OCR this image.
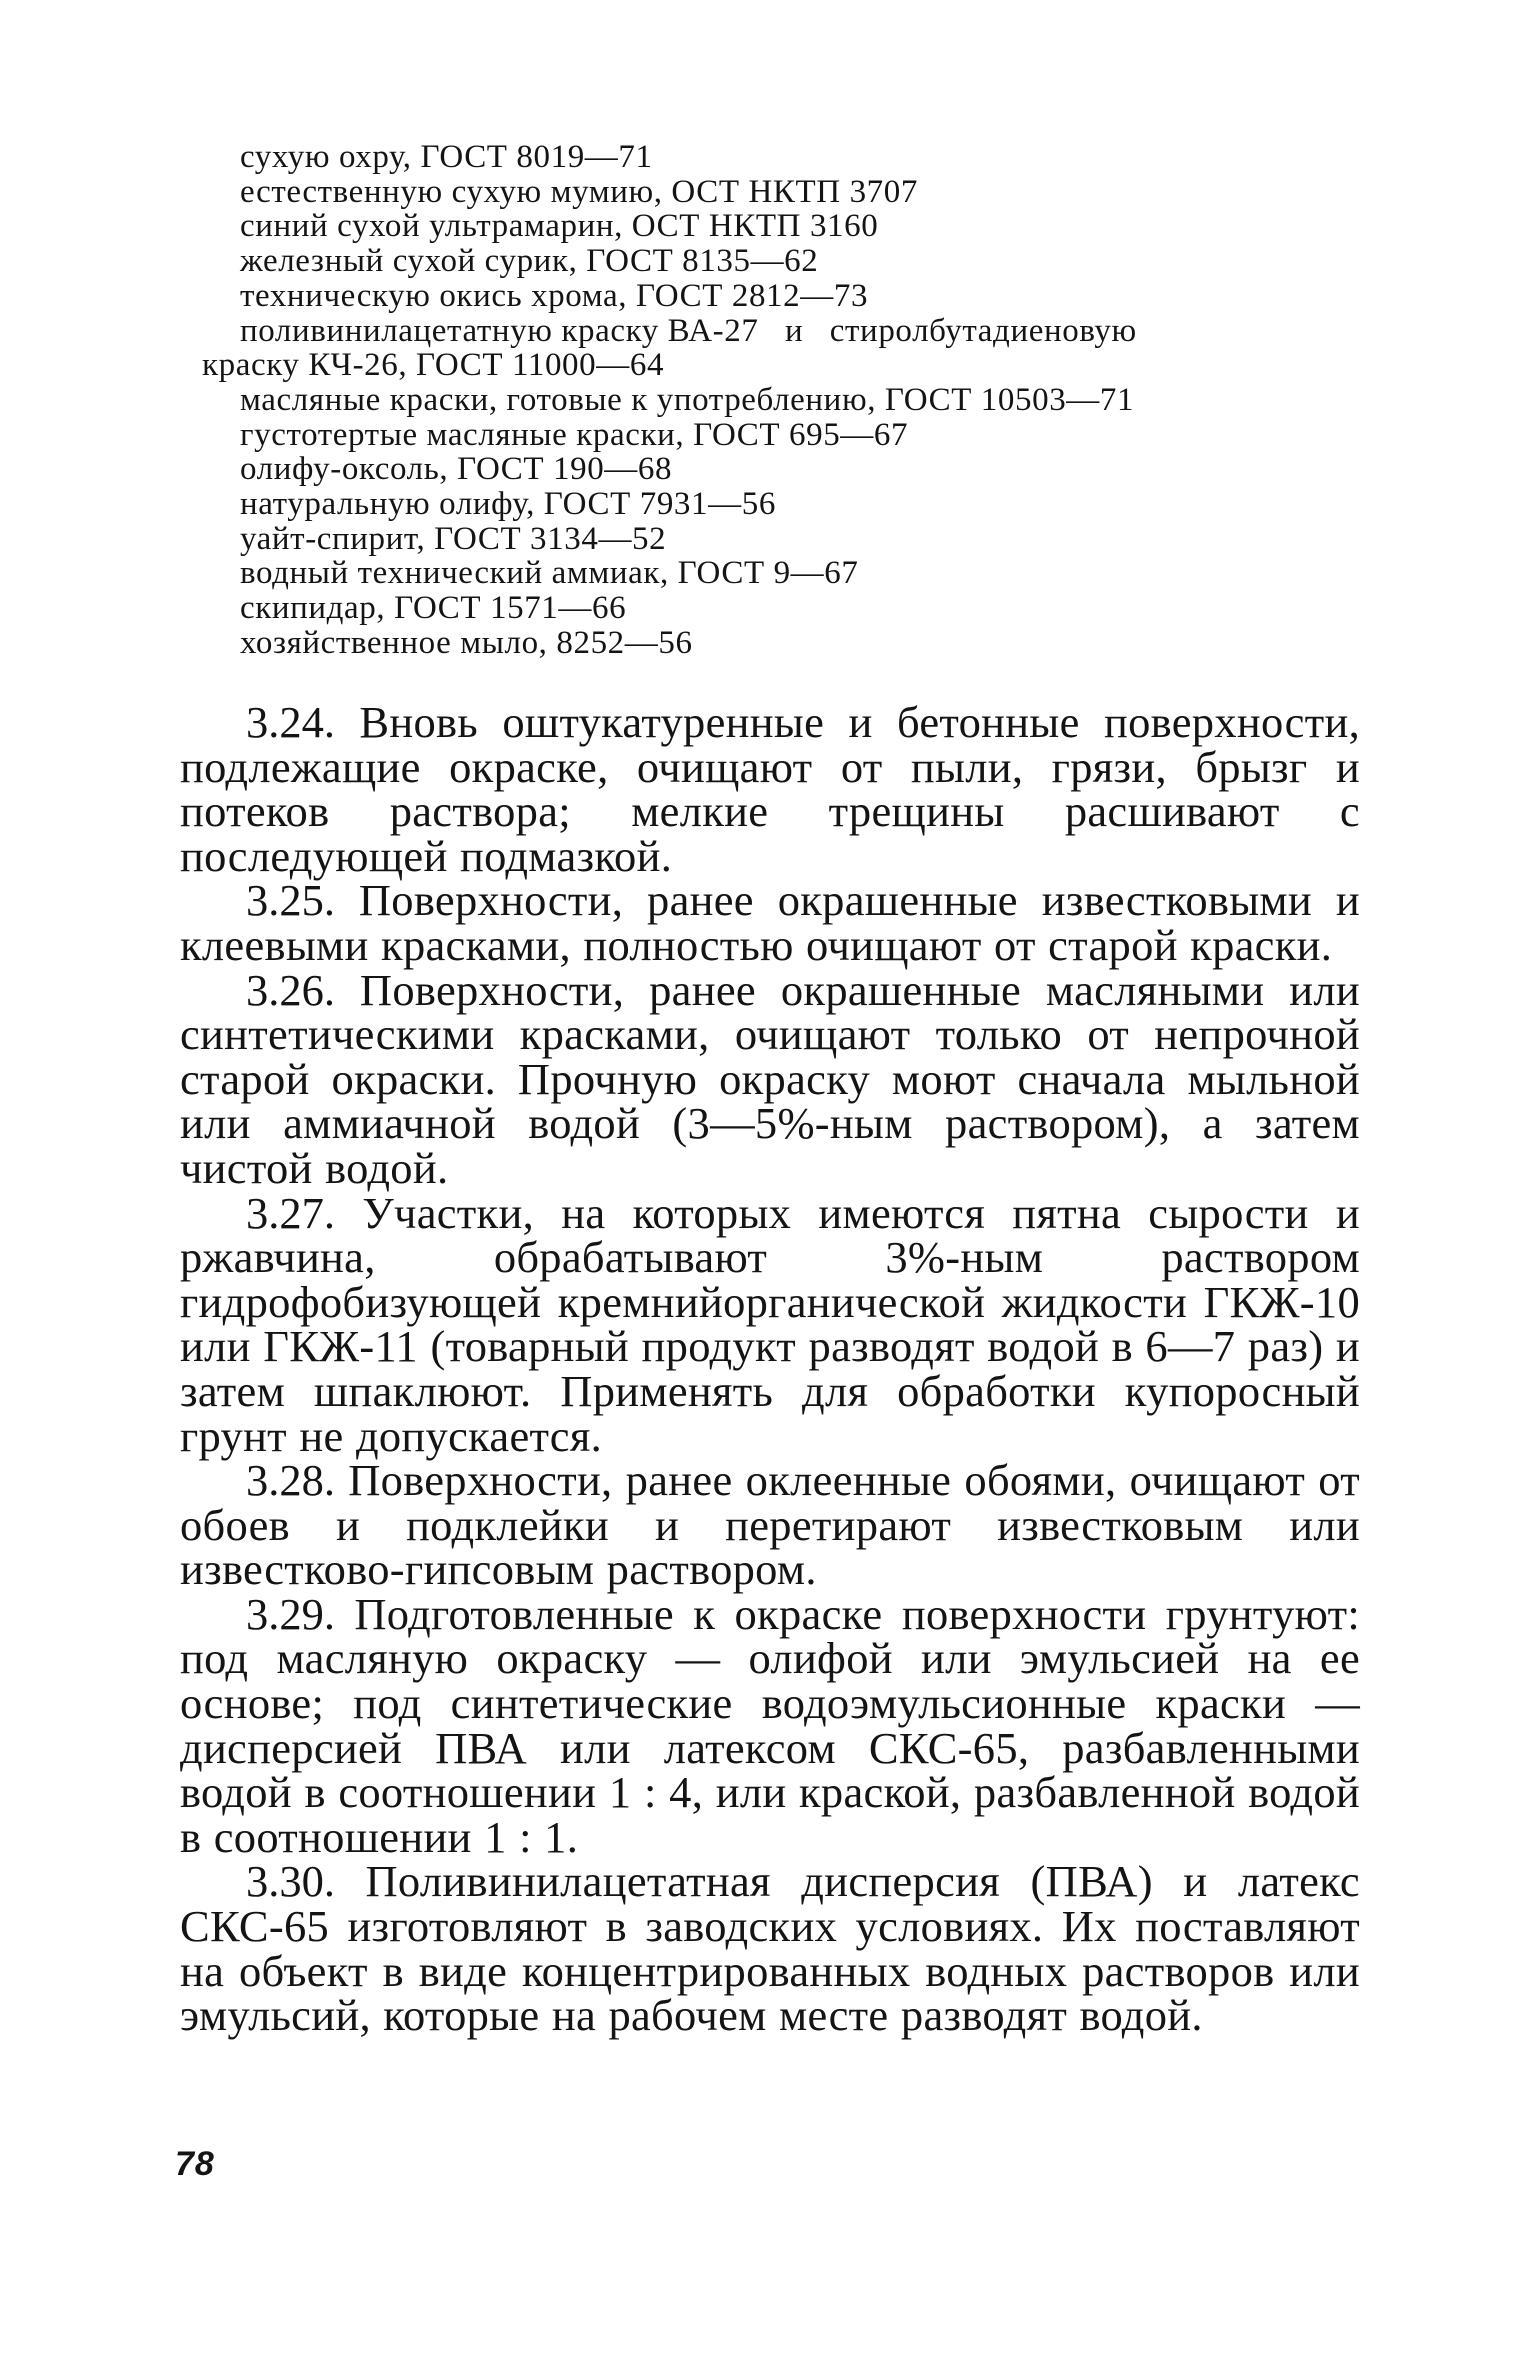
сухую охру, ГОСТ 8019—71
естественную сухую мумию, ОСТ НКТП 3707
синий сухой ультрамарин, ОСТ НКТП 3160
железный сухой сурик, ГОСТ 8135—62
техническую окись хрома, ГОСТ 2812—73
поливинилацетатную краску ВА-27   и   стиролбутадиеновую
краску КЧ-26, ГОСТ 11000—64
масляные краски, готовые к употреблению, ГОСТ 10503—71
густотертые масляные краски, ГОСТ 695—67
олифу-оксоль, ГОСТ 190—68
натуральную олифу, ГОСТ 7931—56
уайт-спирит, ГОСТ 3134—52
водный технический аммиак, ГОСТ 9—67
скипидар, ГОСТ 1571—66
хозяйственное мыло, 8252—56

3.24. Вновь оштукатуренные и бетонные поверхности, подлежащие окраске, очищают от пыли, грязи, брызг и потеков раствора; мелкие трещины расшивают с последующей подмазкой.

3.25. Поверхности, ранее окрашенные известковыми и клеевыми красками, полностью очищают от старой краски.

3.26. Поверхности, ранее окрашенные масляными или синтетическими красками, очищают только от непрочной старой окраски. Прочную окраску моют сначала мыльной или аммиачной водой (3—5%-ным раствором), а затем чистой водой.

3.27. Участки, на которых имеются пятна сырости и ржавчина, обрабатывают 3%-ным раствором гидрофобизующей кремнийорганической жидкости ГКЖ-10 или ГКЖ-11 (товарный продукт разводят водой в 6—7 раз) и затем шпаклюют. Применять для обработки купоросный грунт не допускается.

3.28. Поверхности, ранее оклеенные обоями, очищают от обоев и подклейки и перетирают известковым или известково-гипсовым раствором.

3.29. Подготовленные к окраске поверхности грунтуют: под масляную окраску — олифой или эмульсией на ее основе; под синтетические водоэмульсионные краски — дисперсией ПВА или латексом СКС-65, разбавленными водой в соотношении 1 : 4, или краской, разбавленной водой в соотношении 1 : 1.

3.30. Поливинилацетатная дисперсия (ПВА) и латекс СКС-65 изготовляют в заводских условиях. Их поставляют на объект в виде концентрированных водных растворов или эмульсий, которые на рабочем месте разводят водой.

78
